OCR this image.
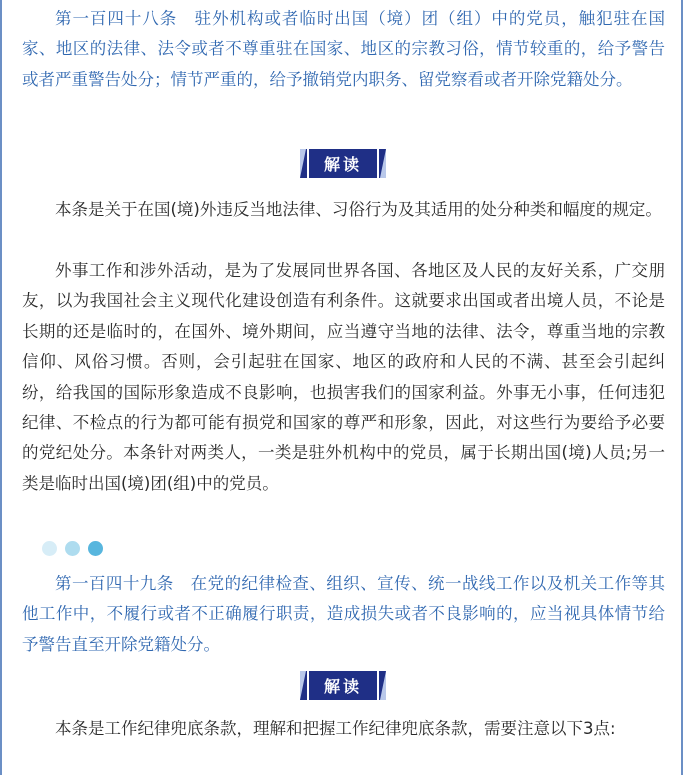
第一百四十八条　驻外机构或者临时出国（境）团（组）中的党员，触犯驻在国家、地区的法律、法令或者不尊重驻在国家、地区的宗教习俗，情节较重的，给予警告或者严重警告处分；情节严重的，给予撤销党内职务、留党察看或者开除党籍处分。

解读

本条是关于在国(境)外违反当地法律、习俗行为及其适用的处分种类和幅度的规定。

外事工作和涉外活动，是为了发展同世界各国、各地区及人民的友好关系，广交朋友，以为我国社会主义现代化建设创造有利条件。这就要求出国或者出境人员，不论是长期的还是临时的，在国外、境外期间，应当遵守当地的法律、法令，尊重当地的宗教信仰、风俗习惯。否则，会引起驻在国家、地区的政府和人民的不满、甚至会引起纠纷，给我国的国际形象造成不良影响，也损害我们的国家利益。外事无小事，任何违犯纪律、不检点的行为都可能有损党和国家的尊严和形象，因此，对这些行为要给予必要的党纪处分。本条针对两类人，一类是驻外机构中的党员，属于长期出国(境)人员;另一类是临时出国(境)团(组)中的党员。

第一百四十九条　在党的纪律检查、组织、宣传、统一战线工作以及机关工作等其他工作中，不履行或者不正确履行职责，造成损失或者不良影响的，应当视具体情节给予警告直至开除党籍处分。

解读

本条是工作纪律兜底条款，理解和把握工作纪律兜底条款，需要注意以下3点:
